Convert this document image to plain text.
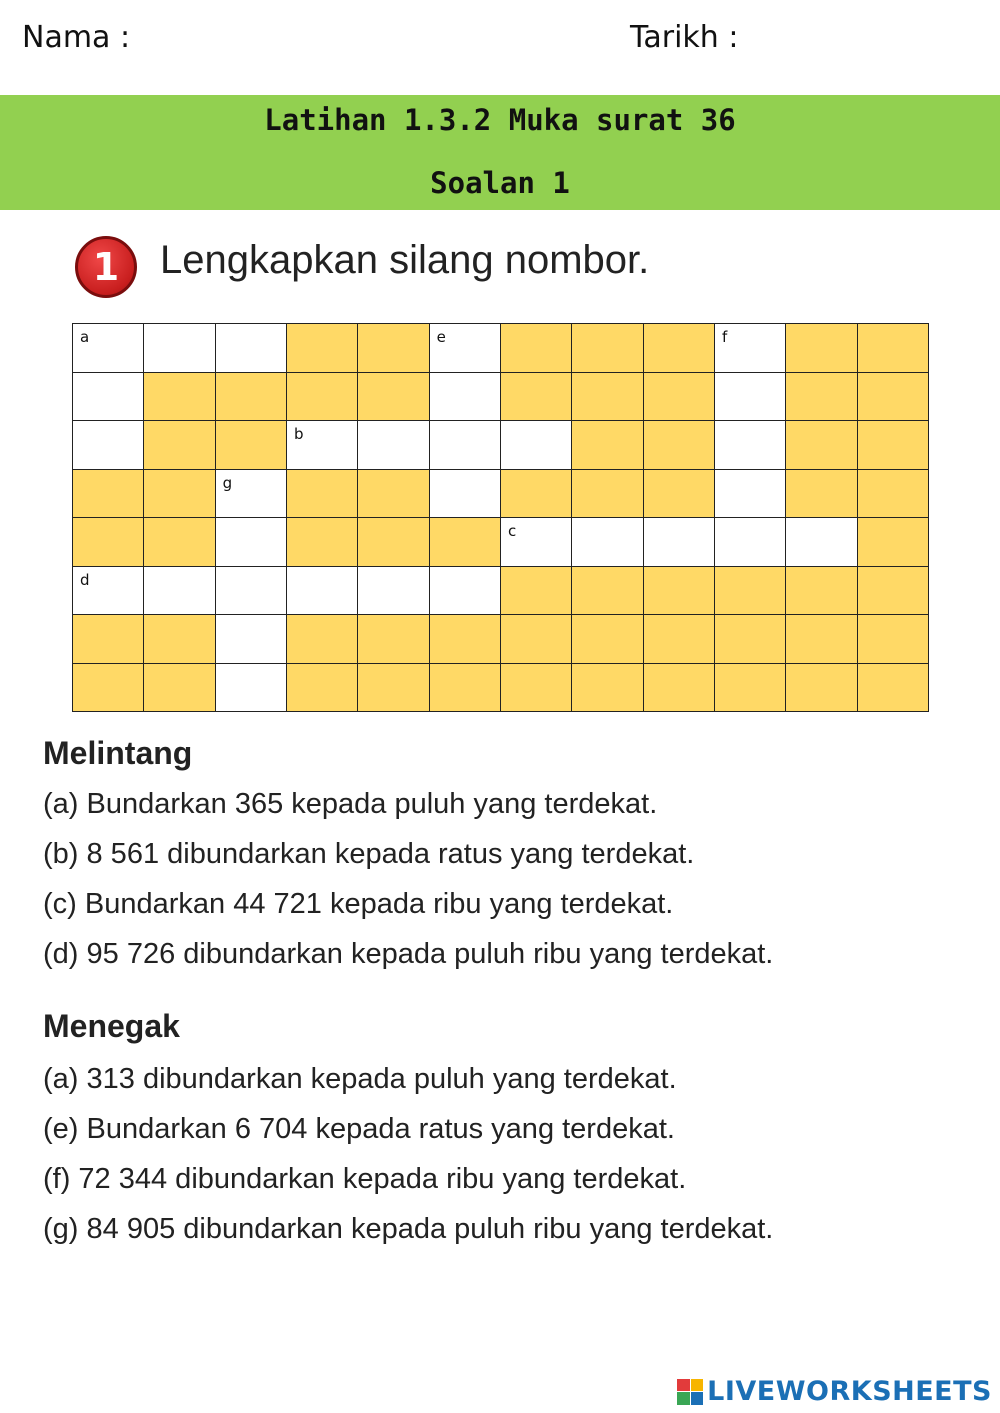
Nama :	Tarikh :
Latihan 1.3.2 Muka surat 36
Soalan 1
1	Lengkapkan silang nombor.
a	e	f
b
g
c
d
Melintang
(a) Bundarkan 365 kepada puluh yang terdekat.
(b) 8 561 dibundarkan kepada ratus yang terdekat.
(c) Bundarkan 44 721 kepada ribu yang terdekat.
(d) 95 726 dibundarkan kepada puluh ribu yang terdekat.
Menegak
(a) 313 dibundarkan kepada puluh yang terdekat.
(e) Bundarkan 6 704 kepada ratus yang terdekat.
(f) 72 344 dibundarkan kepada ribu yang terdekat.
(g) 84 905 dibundarkan kepada puluh ribu yang terdekat.
LIVEWORKSHEETS
